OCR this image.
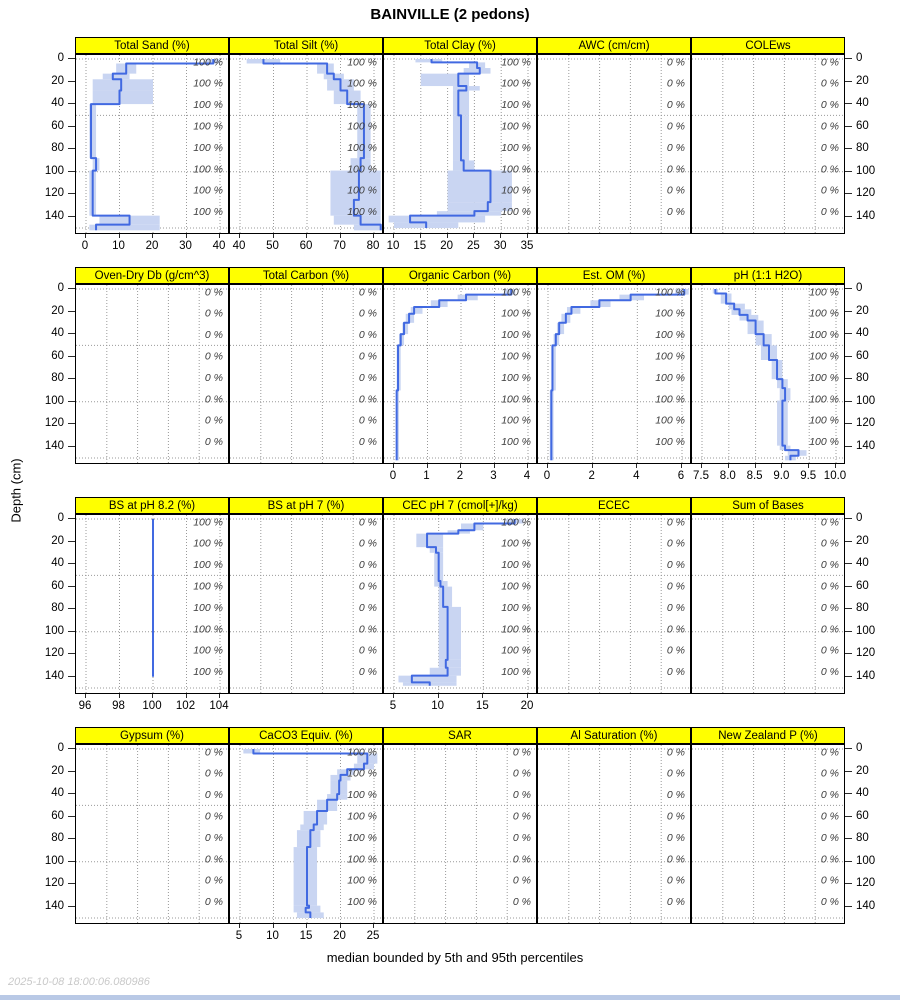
BAINVILLE (2 pedons)
Depth (cm)
median bounded by 5th and 95th percentiles
2025-10-08 18:00:06.080986
Total Sand (%)
100 %
100 %
100 %
100 %
100 %
100 %
100 %
100 %
0	10	20	30	40
Total Silt (%)
100 %
100 %
100 %
100 %
100 %
100 %
100 %
100 %
40	50	60	70	80
Total Clay (%)
100 %
100 %
100 %
100 %
100 %
100 %
100 %
100 %
10	15	20	25	30	35
AWC (cm/cm)
0 %
0 %
0 %
0 %
0 %
0 %
0 %
0 %
COLEws
0 %
0 %
0 %
0 %
0 %
0 %
0 %
0 %
0	0
20	20
40	40
60	60
80	80
100	100
120	120
140	140
Oven-Dry Db (g/cm^3)
0 %
0 %
0 %
0 %
0 %
0 %
0 %
0 %
Total Carbon (%)
0 %
0 %
0 %
0 %
0 %
0 %
0 %
0 %
Organic Carbon (%)
100 %
100 %
100 %
100 %
100 %
100 %
100 %
100 %
0	1	2	3	4
Est. OM (%)
100 %
100 %
100 %
100 %
100 %
100 %
100 %
100 %
0	2	4	6
pH (1:1 H2O)
100 %
100 %
100 %
100 %
100 %
100 %
100 %
100 %
7.5 8.0 8.5 9.0 9.5 10.0
0	0
20	20
40	40
60	60
80	80
100	100
120	120
140	140
BS at pH 8.2 (%)
100 %
100 %
100 %
100 %
100 %
100 %
100 %
100 %
96	98	100	102	104
BS at pH 7 (%)
0 %
0 %
0 %
0 %
0 %
0 %
0 %
0 %
CEC pH 7 (cmol[+]/kg)
100 %
100 %
100 %
100 %
100 %
100 %
100 %
100 %
5	10	15	20
ECEC
0 %
0 %
0 %
0 %
0 %
0 %
0 %
0 %
Sum of Bases
0 %
0 %
0 %
0 %
0 %
0 %
0 %
0 %
0	0
20	20
40	40
60	60
80	80
100	100
120	120
140	140
Gypsum (%)
0 %
0 %
0 %
0 %
0 %
0 %
0 %
0 %
CaCO3 Equiv. (%)
100 %
100 %
100 %
100 %
100 %
100 %
100 %
100 %
5	10	15	20	25
SAR
0 %
0 %
0 %
0 %
0 %
0 %
0 %
0 %
Al Saturation (%)
0 %
0 %
0 %
0 %
0 %
0 %
0 %
0 %
New Zealand P (%)
0 %
0 %
0 %
0 %
0 %
0 %
0 %
0 %
0	0
20	20
40	40
60	60
80	80
100	100
120	120
140	140
